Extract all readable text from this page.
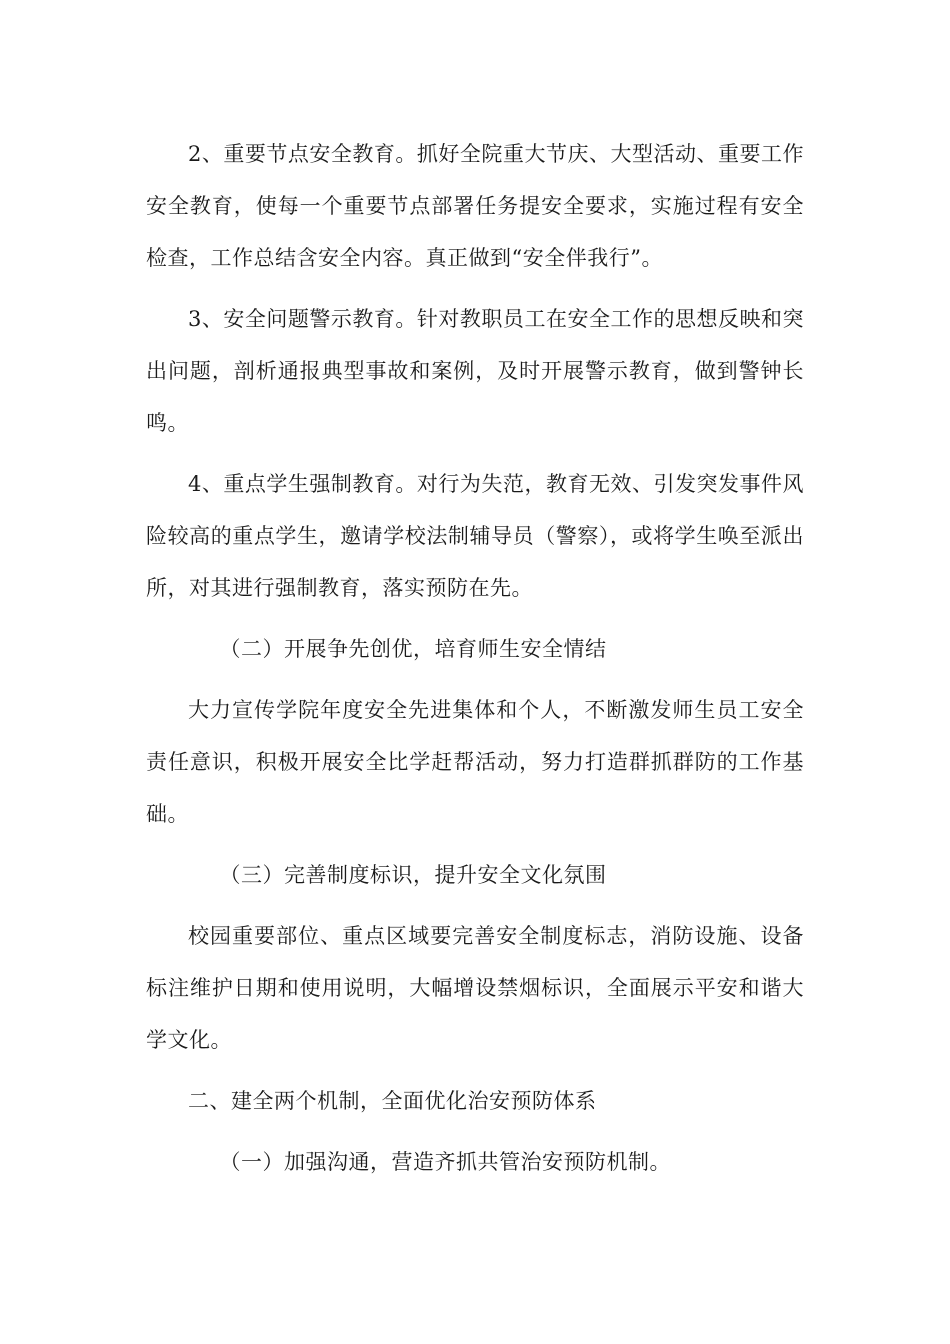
2、重要节点安全教育。抓好全院重大节庆、大型活动、重要工作安全教育，使每一个重要节点部署任务提安全要求，实施过程有安全检查，工作总结含安全内容。真正做到“安全伴我行”。

3、安全问题警示教育。针对教职员工在安全工作的思想反映和突出问题，剖析通报典型事故和案例，及时开展警示教育，做到警钟长鸣。

4、重点学生强制教育。对行为失范，教育无效、引发突发事件风险较高的重点学生，邀请学校法制辅导员（警察），或将学生唤至派出所，对其进行强制教育，落实预防在先。

（二）开展争先创优，培育师生安全情结

大力宣传学院年度安全先进集体和个人，不断激发师生员工安全责任意识，积极开展安全比学赶帮活动，努力打造群抓群防的工作基础。

（三）完善制度标识，提升安全文化氛围

校园重要部位、重点区域要完善安全制度标志，消防设施、设备标注维护日期和使用说明，大幅增设禁烟标识，全面展示平安和谐大学文化。

二、建全两个机制，全面优化治安预防体系

（一）加强沟通，营造齐抓共管治安预防机制。
